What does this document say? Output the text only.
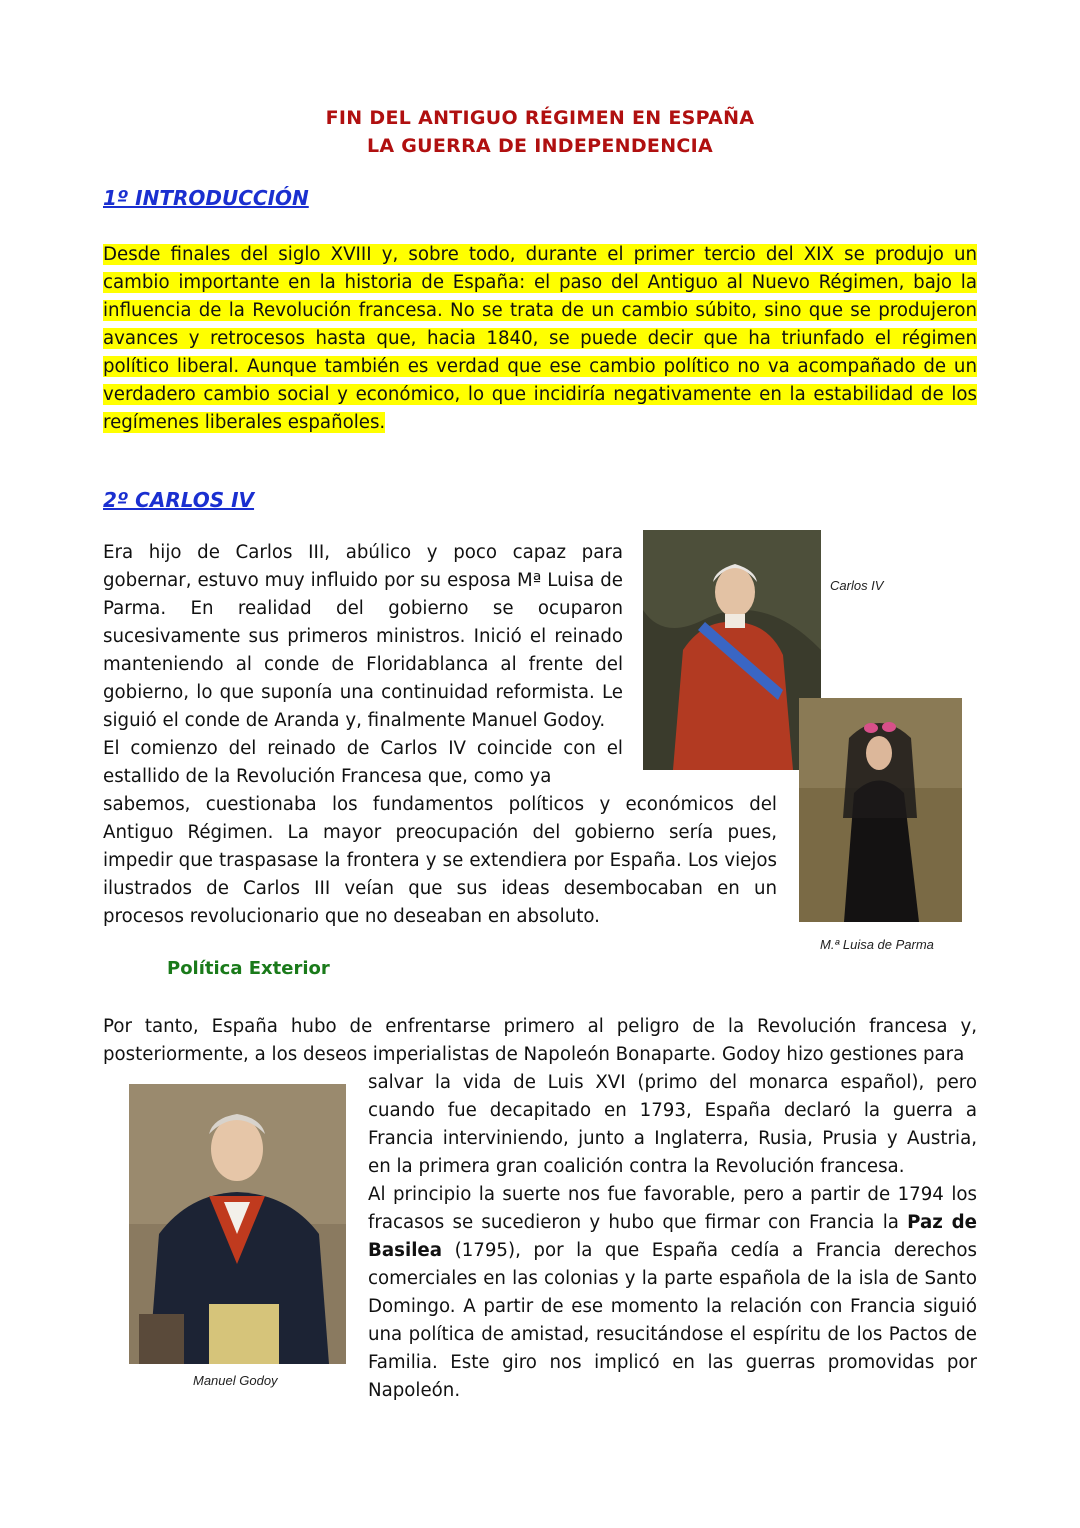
FIN DEL ANTIGUO RÉGIMEN EN ESPAÑA
LA GUERRA DE INDEPENDENCIA
1º INTRODUCCIÓN

Desde finales del siglo XVIII y, sobre todo, durante el primer tercio del XIX se produjo un cambio importante en la historia de España: el paso del Antiguo al Nuevo Régimen, bajo la influencia de la Revolución francesa. No se trata de un cambio súbito, sino que se produjeron avances y retrocesos hasta que, hacia 1840, se puede decir que ha triunfado el régimen político liberal. Aunque también es verdad que ese cambio político no va acompañado de un verdadero cambio social y económico, lo que incidiría negativamente en la estabilidad de los regímenes liberales españoles.

2º CARLOS IV

Era hijo de Carlos III, abúlico y poco capaz para gobernar, estuvo muy influido por su esposa Mª Luisa de Parma. En realidad del gobierno se ocuparon sucesivamente sus primeros ministros. Inició el reinado manteniendo al conde de Floridablanca al frente del gobierno, lo que suponía una continuidad reformista. Le siguió el conde de Aranda y, finalmente Manuel Godoy.
El comienzo del reinado de Carlos IV coincide con el estallido de la Revolución Francesa que, como ya

sabemos, cuestionaba los fundamentos políticos y económicos del Antiguo Régimen. La mayor preocupación del gobierno sería pues, impedir que traspasase la frontera y se extendiera por España. Los viejos ilustrados de Carlos III veían que sus ideas desembocaban en un procesos revolucionario que no deseaban en absoluto.

Carlos IV
M.ª Luisa de Parma
Política Exterior

Por tanto, España hubo de enfrentarse primero al peligro de la Revolución francesa y, posteriormente, a los deseos imperialistas de Napoleón Bonaparte. Godoy hizo gestiones para

Manuel Godoy

salvar la vida de Luis XVI (primo del monarca español), pero cuando fue decapitado en 1793, España declaró la guerra a Francia interviniendo, junto a Inglaterra, Rusia, Prusia y Austria, en la primera gran coalición contra la Revolución francesa.
Al principio la suerte nos fue favorable, pero a partir de 1794 los fracasos se sucedieron y hubo que firmar con Francia la Paz de Basilea (1795), por la que España cedía a Francia derechos comerciales en las colonias y la parte española de la isla de Santo Domingo. A partir de ese momento la relación con Francia siguió una política de amistad, resucitándose el espíritu de los Pactos de Familia. Este giro nos implicó en las guerras promovidas por Napoleón.
